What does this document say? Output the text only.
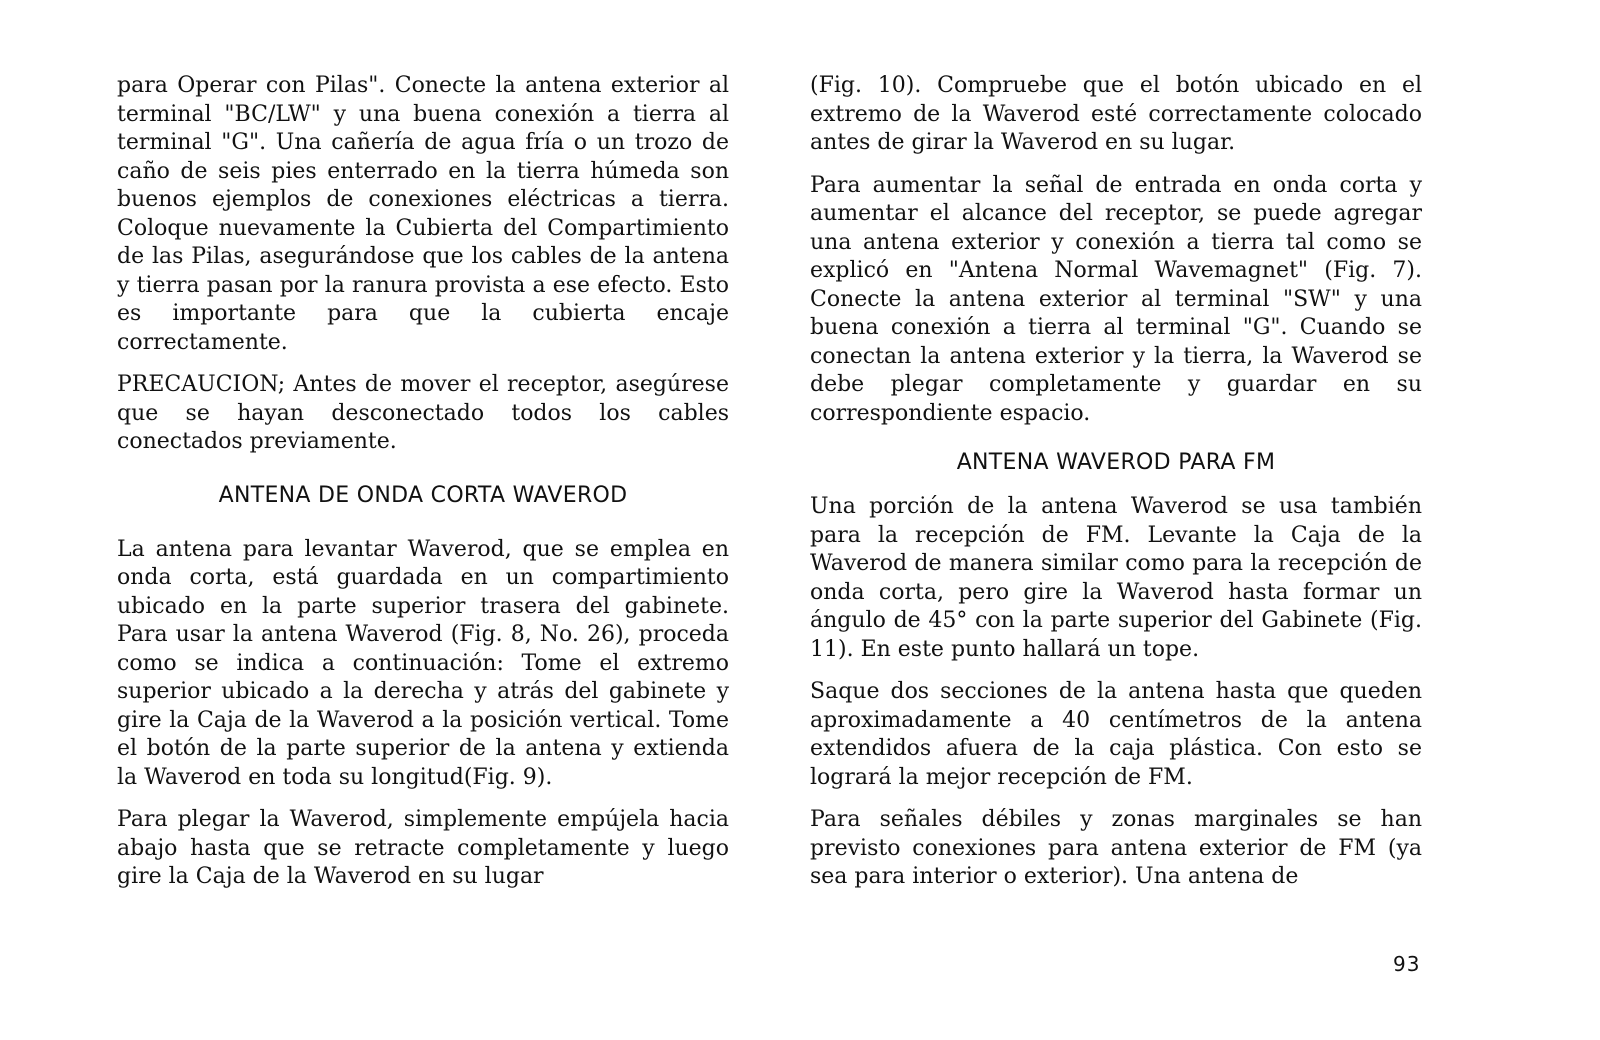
para Operar con Pilas". Conecte la antena exterior al terminal "BC/LW" y una buena conexión a tierra al terminal "G". Una cañería de agua fría o un trozo de caño de seis pies enterrado en la tierra húmeda son buenos ejemplos de conexiones eléctricas a tierra. Coloque nuevamente la Cubierta del Compartimiento de las Pilas, asegurándose que los cables de la antena y tierra pasan por la ranura provista a ese efecto. Esto es importante para que la cubierta encaje correctamente.

PRECAUCION; Antes de mover el receptor, asegúrese que se hayan desconectado todos los cables conectados previamente.

ANTENA DE ONDA CORTA WAVEROD

La antena para levantar Waverod, que se emplea en onda corta, está guardada en un compartimiento ubicado en la parte superior trasera del gabinete. Para usar la antena Waverod (Fig. 8, No. 26), proceda como se indica a continuación: Tome el extremo superior ubicado a la derecha y atrás del gabinete y gire la Caja de la Waverod a la posición vertical. Tome el botón de la parte superior de la antena y extienda la Waverod en toda su longitud(Fig. 9).

Para plegar la Waverod, simplemente empújela hacia abajo hasta que se retracte completamente y luego gire la Caja de la Waverod en su lugar

(Fig. 10). Compruebe que el botón ubicado en el extremo de la Waverod esté correctamente colocado antes de girar la Waverod en su lugar.

Para aumentar la señal de entrada en onda corta y aumentar el alcance del receptor, se puede agregar una antena exterior y conexión a tierra tal como se explicó en "Antena Normal Wavemagnet" (Fig. 7). Conecte la antena exterior al terminal "SW" y una buena conexión a tierra al terminal "G". Cuando se conectan la antena exterior y la tierra, la Waverod se debe plegar completamente y guardar en su correspondiente espacio.

ANTENA WAVEROD PARA FM

Una porción de la antena Waverod se usa también para la recepción de FM. Levante la Caja de la Waverod de manera similar como para la recepción de onda corta, pero gire la Waverod hasta formar un ángulo de 45° con la parte superior del Gabinete (Fig. 11). En este punto hallará un tope.

Saque dos secciones de la antena hasta que queden aproximadamente a 40 centímetros de la antena extendidos afuera de la caja plástica. Con esto se logrará la mejor recepción de FM.

Para señales débiles y zonas marginales se han previsto conexiones para antena exterior de FM (ya sea para interior o exterior). Una antena de

93
